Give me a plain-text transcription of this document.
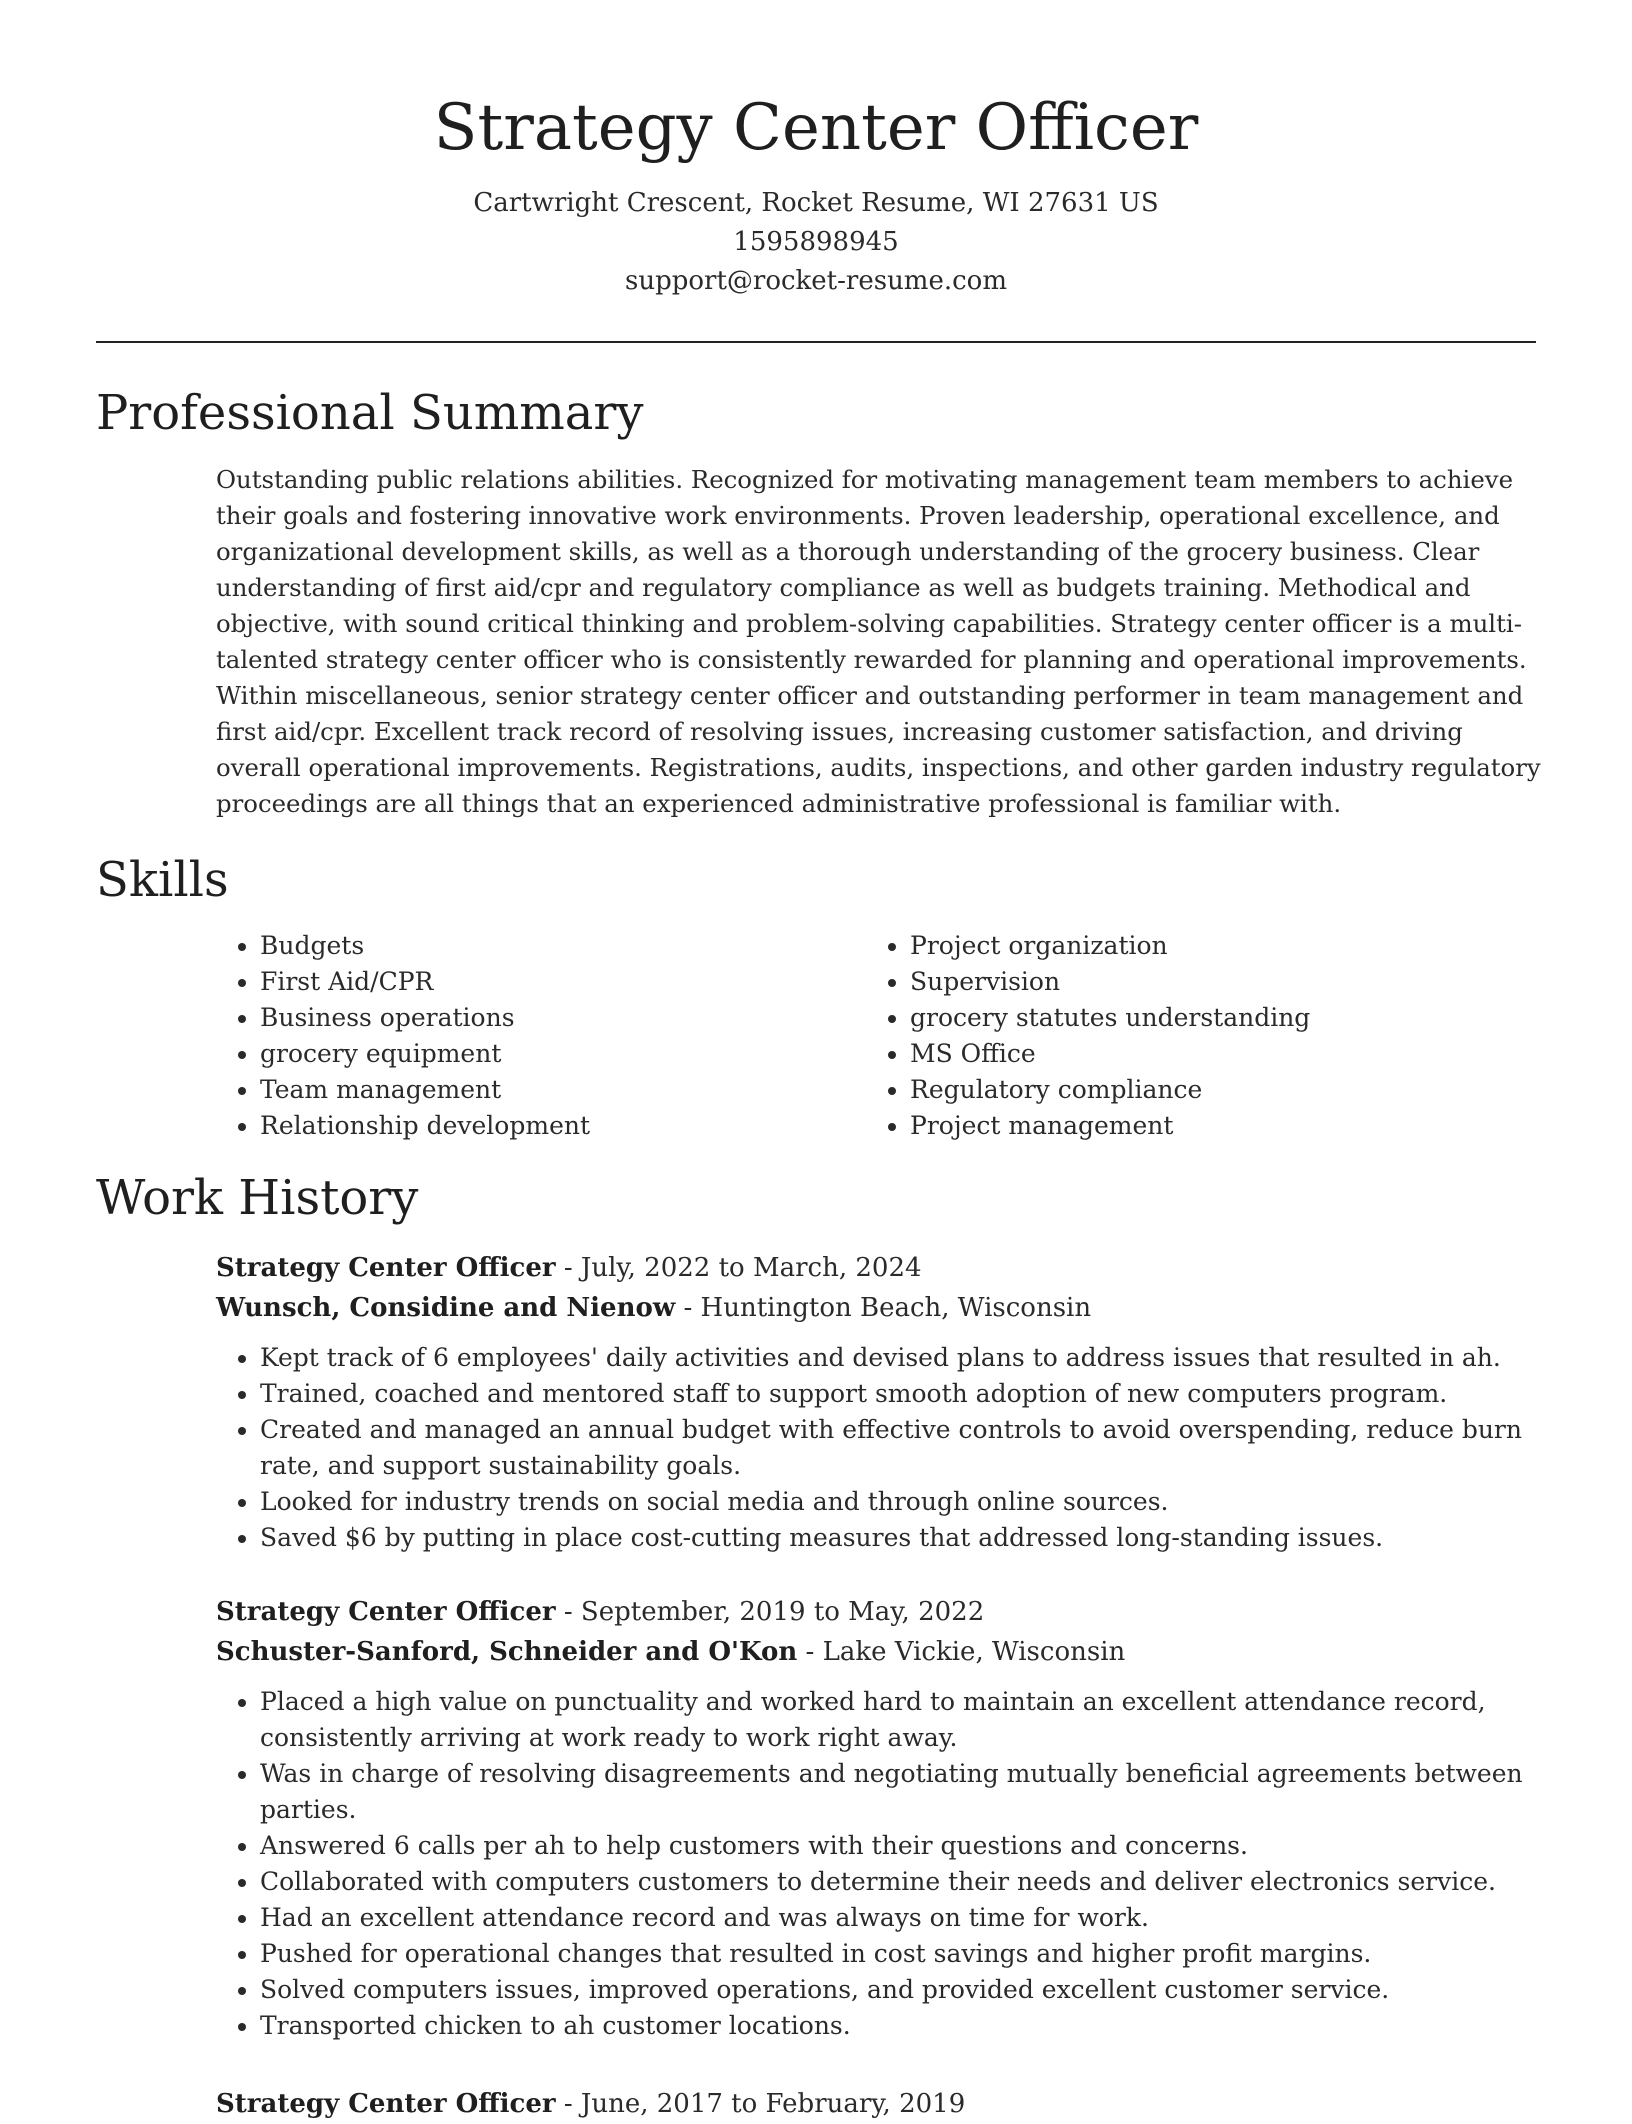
Strategy Center Officer
Cartwright Crescent, Rocket Resume, WI 27631 US
1595898945
support@rocket-resume.com
Professional Summary
Outstanding public relations abilities. Recognized for motivating management team members to achieve their goals and fostering innovative work environments. Proven leadership, operational excellence, and organizational development skills, as well as a thorough understanding of the grocery business. Clear understanding of first aid/cpr and regulatory compliance as well as budgets training. Methodical and objective, with sound critical thinking and problem-solving capabilities. Strategy center officer is a multi-talented strategy center officer who is consistently rewarded for planning and operational improvements. Within miscellaneous, senior strategy center officer and outstanding performer in team management and first aid/cpr. Excellent track record of resolving issues, increasing customer satisfaction, and driving overall operational improvements. Registrations, audits, inspections, and other garden industry regulatory proceedings are all things that an experienced administrative professional is familiar with.
Skills
• Budgets
• First Aid/CPR
• Business operations
• grocery equipment
• Team management
• Relationship development
• Project organization
• Supervision
• grocery statutes understanding
• MS Office
• Regulatory compliance
• Project management
Work History
Strategy Center Officer - July, 2022 to March, 2024
Wunsch, Considine and Nienow - Huntington Beach, Wisconsin
• Kept track of 6 employees' daily activities and devised plans to address issues that resulted in ah.
• Trained, coached and mentored staff to support smooth adoption of new computers program.
• Created and managed an annual budget with effective controls to avoid overspending, reduce burn rate, and support sustainability goals.
• Looked for industry trends on social media and through online sources.
• Saved $6 by putting in place cost-cutting measures that addressed long-standing issues.
Strategy Center Officer - September, 2019 to May, 2022
Schuster-Sanford, Schneider and O'Kon - Lake Vickie, Wisconsin
• Placed a high value on punctuality and worked hard to maintain an excellent attendance record, consistently arriving at work ready to work right away.
• Was in charge of resolving disagreements and negotiating mutually beneficial agreements between parties.
• Answered 6 calls per ah to help customers with their questions and concerns.
• Collaborated with computers customers to determine their needs and deliver electronics service.
• Had an excellent attendance record and was always on time for work.
• Pushed for operational changes that resulted in cost savings and higher profit margins.
• Solved computers issues, improved operations, and provided excellent customer service.
• Transported chicken to ah customer locations.
Strategy Center Officer - June, 2017 to February, 2019
